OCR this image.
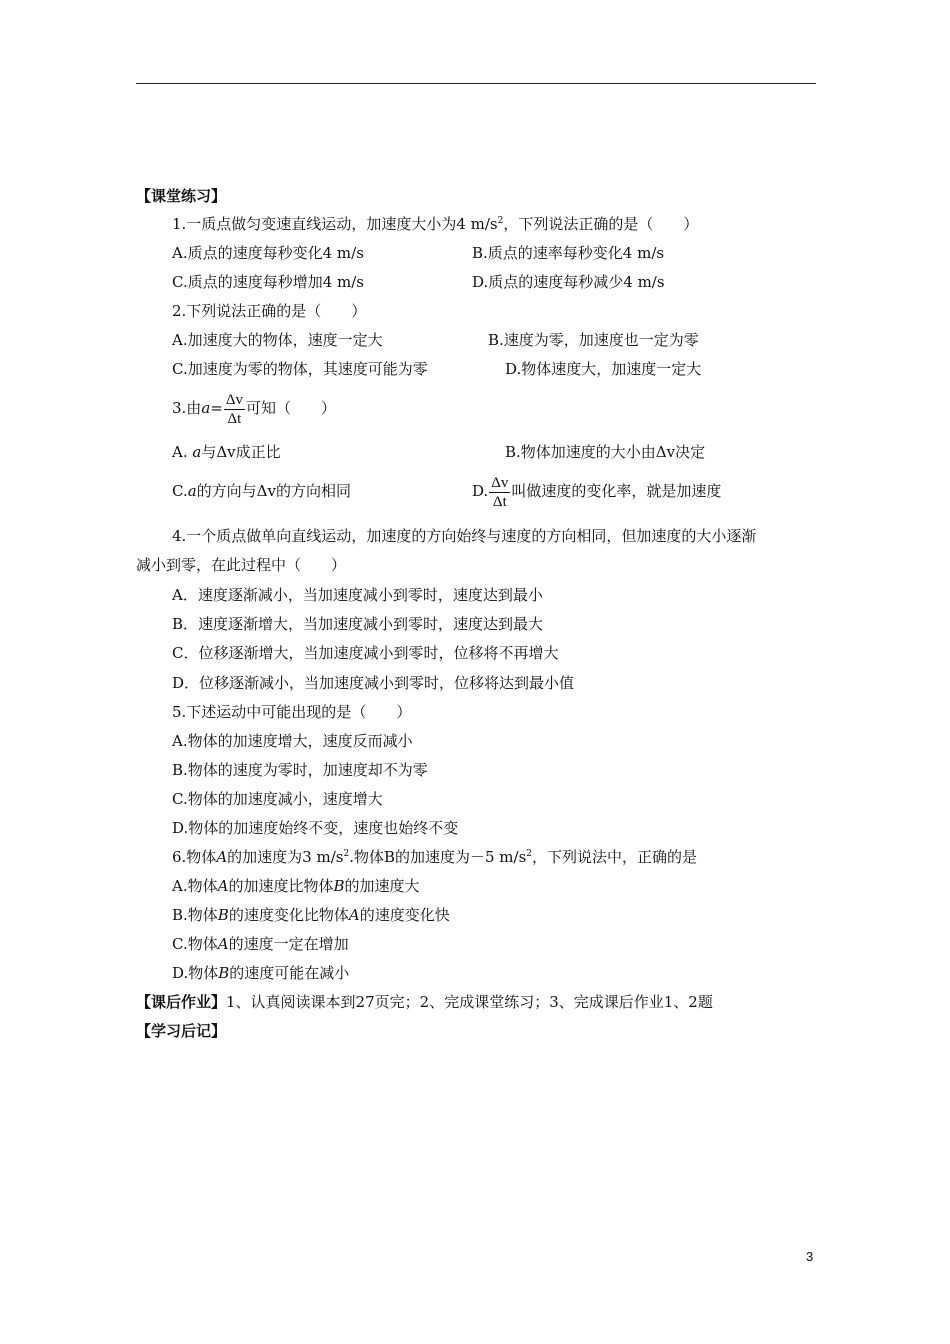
【课堂练习】
1.一质点做匀变速直线运动，加速度大小为4 $m/s^2$，下列说法正确的是（　　）
A.质点的速度每秒变化4 m/s	B.质点的速率每秒变化4 m/s
C.质点的速度每秒增加4 m/s	D.质点的速度每秒减少4 m/s
2.下列说法正确的是（　　）
A.加速度大的物体，速度一定大	B.速度为零，加速度也一定为零
C.加速度为零的物体，其速度可能为零	D.物体速度大，加速度一定大
3.由$a= \frac{\Delta v}{\Delta t}$ 可知（　　）
A. a与Δv成正比	B.物体加速度的大小由Δv决定
C.a的方向与Δv的方向相同	D. $\frac{\Delta v}{\Delta t}$ 叫做速度的变化率，就是加速度
4.一个质点做单向直线运动，加速度的方向始终与速度的方向相同，但加速度的大小逐渐
减小到零，在此过程中（　　）
A．速度逐渐减小，当加速度减小到零时，速度达到最小
B．速度逐渐增大，当加速度减小到零时，速度达到最大
C．位移逐渐增大，当加速度减小到零时，位移将不再增大
D．位移逐渐减小，当加速度减小到零时，位移将达到最小值
5.下述运动中可能出现的是（　　）
A.物体的加速度增大，速度反而减小
B.物体的速度为零时，加速度却不为零
C.物体的加速度减小，速度增大
D.物体的加速度始终不变，速度也始终不变
6.物体A的加速度为3 $m/s^2$.物体B的加速度为－5 $m/s^2$，下列说法中，正确的是
A.物体A的加速度比物体B的加速度大
B.物体B的速度变化比物体A的速度变化快
C.物体A的速度一定在增加
D.物体B的速度可能在减小
【课后作业】1、认真阅读课本到27页完；2、完成课堂练习；3、完成课后作业1、2题
【学习后记】
3
